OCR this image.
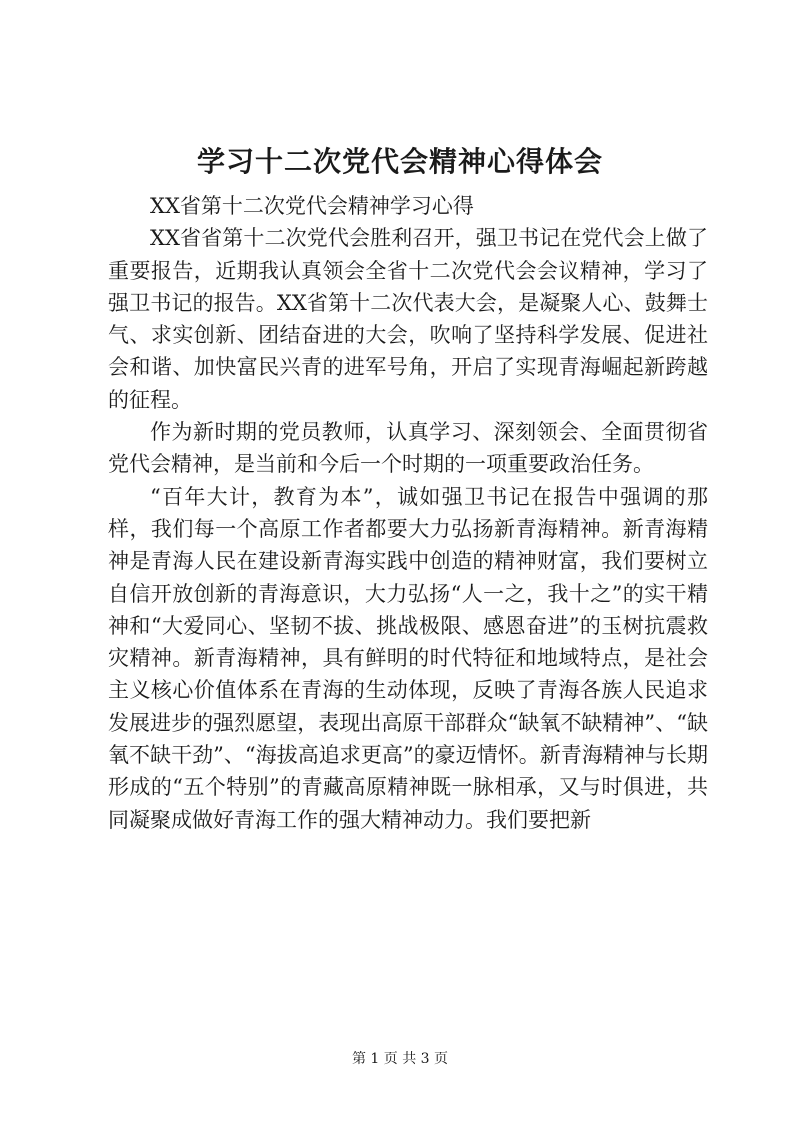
学习十二次党代会精神心得体会

XX省第十二次党代会精神学习心得

XX省省第十二次党代会胜利召开，强卫书记在党代会上做了重要报告，近期我认真领会全省十二次党代会会议精神，学习了强卫书记的报告。XX省第十二次代表大会，是凝聚人心、鼓舞士气、求实创新、团结奋进的大会，吹响了坚持科学发展、促进社会和谐、加快富民兴青的进军号角，开启了实现青海崛起新跨越的征程。

作为新时期的党员教师，认真学习、深刻领会、全面贯彻省党代会精神，是当前和今后一个时期的一项重要政治任务。

“百年大计，教育为本”，诚如强卫书记在报告中强调的那样，我们每一个高原工作者都要大力弘扬新青海精神。新青海精神是青海人民在建设新青海实践中创造的精神财富，我们要树立自信开放创新的青海意识，大力弘扬“人一之，我十之”的实干精神和“大爱同心、坚韧不拔、挑战极限、感恩奋进”的玉树抗震救灾精神。新青海精神，具有鲜明的时代特征和地域特点，是社会主义核心价值体系在青海的生动体现，反映了青海各族人民追求发展进步的强烈愿望，表现出高原干部群众“缺氧不缺精神”、“缺氧不缺干劲”、“海拔高追求更高”的豪迈情怀。新青海精神与长期形成的“五个特别”的青藏高原精神既一脉相承，又与时俱进，共同凝聚成做好青海工作的强大精神动力。我们要把新

第 1 页 共 3 页
